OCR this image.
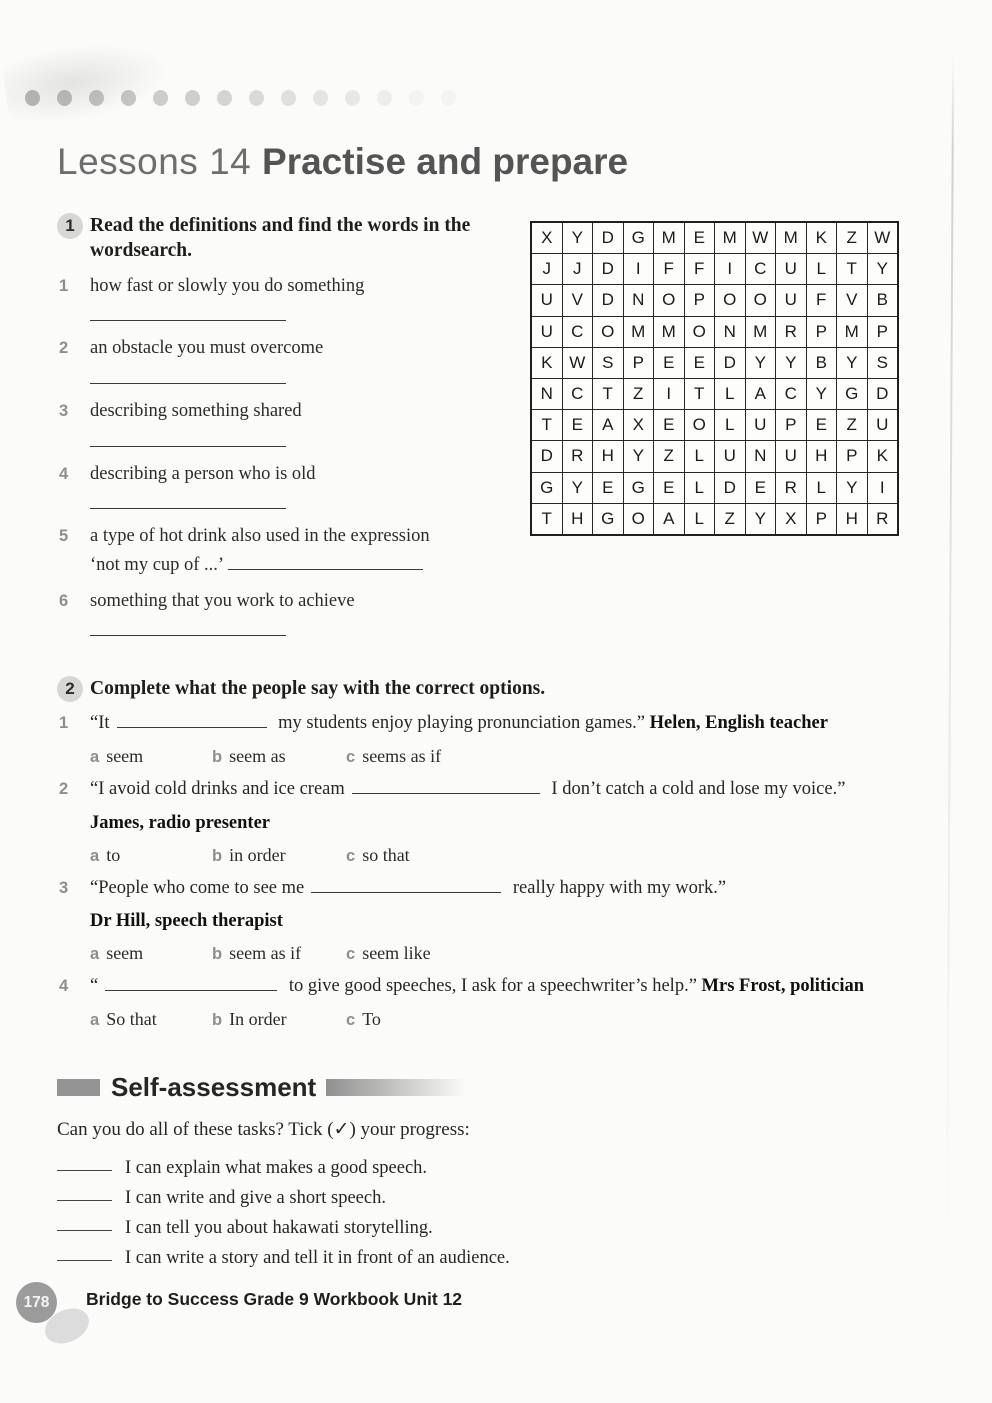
Lessons 14 Practise and prepare
1 Read the definitions and find the words in the wordsearch.
1 how fast or slowly you do something
2 an obstacle you must overcome
3 describing something shared
4 describing a person who is old
5 a type of hot drink also used in the expression
‘not my cup of ...’
6 something that you work to achieve
X	Y	D	G	M	E	M	W	M	K	Z	W
J	J	D	I	F	F	I	C	U	L	T	Y
U	V	D	N	O	P	O	O	U	F	V	B
U	C	O	M	M	O	N	M	R	P	M	P
K	W	S	P	E	E	D	Y	Y	B	Y	S
N	C	T	Z	I	T	L	A	C	Y	G	D
T	E	A	X	E	O	L	U	P	E	Z	U
D	R	H	Y	Z	L	U	N	U	H	P	K
G	Y	E	G	E	L	D	E	R	L	Y	I
T	H	G	O	A	L	Z	Y	X	P	H	R
2 Complete what the people say with the correct options.
1 “It	my students enjoy playing pronunciation games.” Helen, English teacher
a seem	b seem as	c seems as if
2 “I avoid cold drinks and ice cream	I don’t catch a cold and lose my voice.”
James, radio presenter
a to	b in order	c so that
3 “People who come to see me	really happy with my work.”
Dr Hill, speech therapist
a seem	b seem as if	c seem like
4 “	to give good speeches, I ask for a speechwriter’s help.” Mrs Frost, politician
a So that	b In order	c To
Self-assessment
Can you do all of these tasks? Tick (✓) your progress:
I can explain what makes a good speech.
I can write and give a short speech.
I can tell you about hakawati storytelling.
I can write a story and tell it in front of an audience.
178	Bridge to Success Grade 9 Workbook Unit 12
